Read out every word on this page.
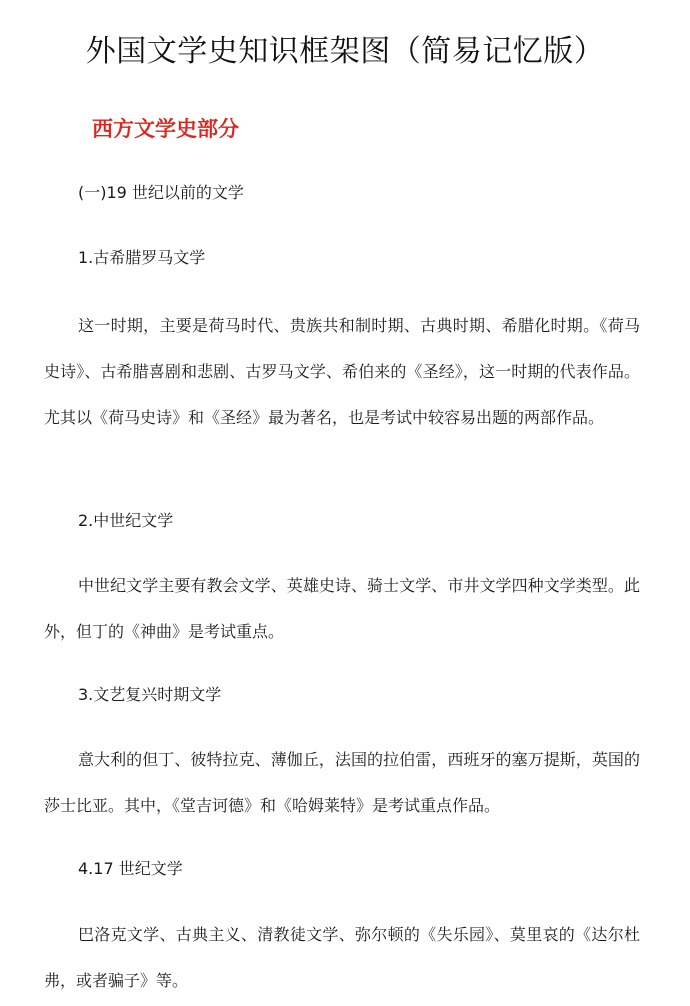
外国文学史知识框架图（简易记忆版）
西方文学史部分
(一)19 世纪以前的文学
1.古希腊罗马文学

这一时期，主要是荷马时代、贵族共和制时期、古典时期、希腊化时期。《荷马史诗》、古希腊喜剧和悲剧、古罗马文学、希伯来的《圣经》，这一时期的代表作品。尤其以《荷马史诗》和《圣经》最为著名，也是考试中较容易出题的两部作品。

2.中世纪文学

中世纪文学主要有教会文学、英雄史诗、骑士文学、市井文学四种文学类型。此外，但丁的《神曲》是考试重点。

3.文艺复兴时期文学

意大利的但丁、彼特拉克、薄伽丘，法国的拉伯雷，西班牙的塞万提斯，英国的莎士比亚。其中，《堂吉诃德》和《哈姆莱特》是考试重点作品。

4.17 世纪文学

巴洛克文学、古典主义、清教徒文学、弥尔顿的《失乐园》、莫里哀的《达尔杜弗，或者骗子》等。
